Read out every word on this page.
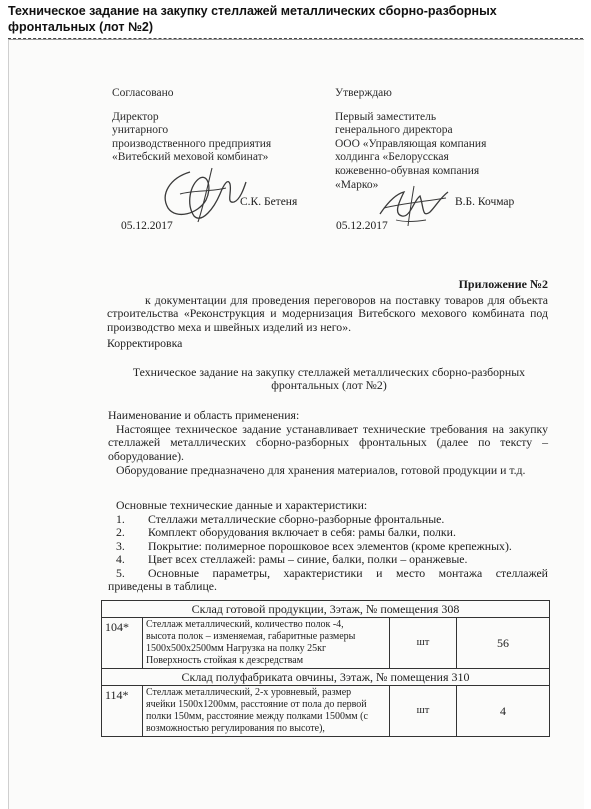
Техническое задание на закупку стеллажей металлических сборно-разборных фронтальных (лот №2)
Согласовано
Директор
унитарного
производственного предприятия
«Витебский меховой комбинат»
Утверждаю
Первый заместитель
генерального директора
ООО «Управляющая компания
холдинга «Белорусская
кожевенно-обувная компания
«Марко»
С.К. Бетеня
05.12.2017
В.Б. Кочмар
05.12.2017
Приложение №2
к документации для проведения переговоров на поставку товаров для объекта строительства «Реконструкция и модернизация Витебского мехового комбината под производство меха и швейных изделий из него».
Корректировка
Техническое задание на закупку стеллажей металлических сборно-разборных фронтальных (лот №2)
Наименование и область применения:
Настоящее техническое задание устанавливает технические требования на закупку стеллажей металлических сборно-разборных фронтальных (далее по тексту – оборудование).
Оборудование предназначено для хранения материалов, готовой продукции и т.д.
Основные технические данные и характеристики:
1.	Стеллажи металлические сборно-разборные фронтальные.
2.	Комплект оборудования включает в себя: рамы балки, полки.
3.	Покрытие: полимерное порошковое всех элементов (кроме крепежных).
4.	Цвет всех стеллажей: рамы – синие, балки, полки – оранжевые.
5.	Основные параметры, характеристики и место монтажа стеллажей
приведены в таблице.
Склад готовой продукции, 3этаж, № помещения 308			
104*	Стеллаж металлический, количество полок -4,
высота полок – изменяемая, габаритные размеры
1500х500х2500мм Нагрузка на полку 25кг
Поверхность стойкая к дезсредствам	шт	56
Склад полуфабриката овчины, 3этаж, № помещения 310			
114*	Стеллаж металлический, 2-х уровневый, размер
ячейки 1500х1200мм, расстояние от пола до первой
полки 150мм, расстояние между полками 1500мм (с
возможностью регулирования по высоте),	шт	4
